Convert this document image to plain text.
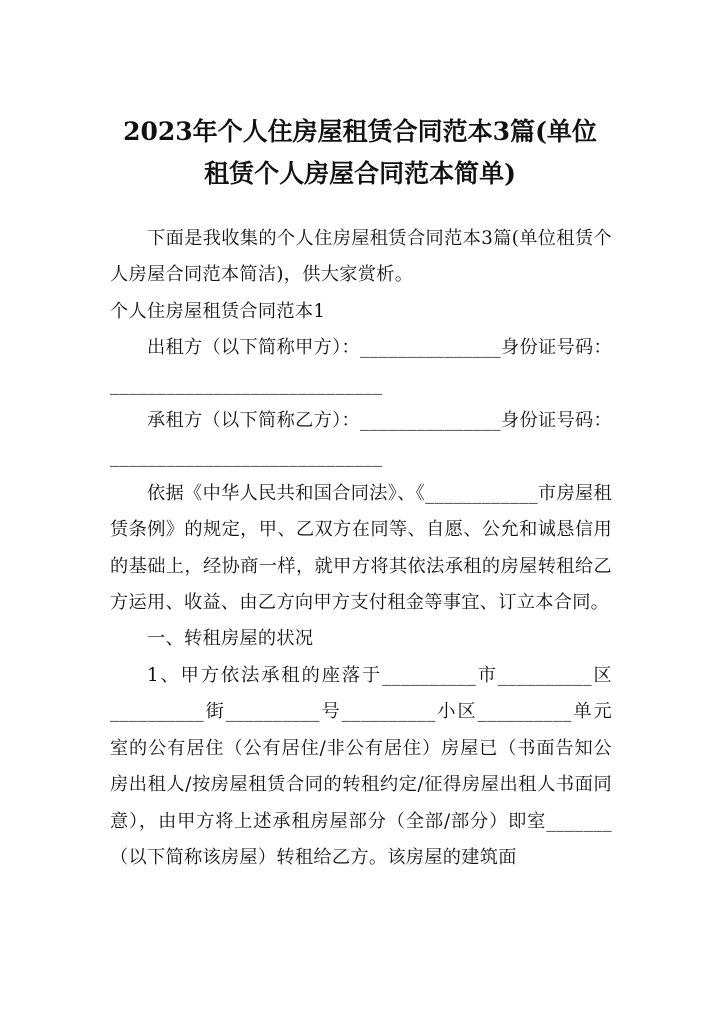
2023年个人住房屋租赁合同范本3篇(单位
租赁个人房屋合同范本简单)

下面是我收集的个人住房屋租赁合同范本3篇(单位租赁个人房屋合同范本简洁)，供大家赏析。

个人住房屋租赁合同范本1

出租方（以下简称甲方）：_______________身份证号码：_____________________________

承租方（以下简称乙方）：_______________身份证号码：_____________________________

依据《中华人民共和国合同法》、《____________市房屋租赁条例》的规定，甲、乙双方在同等、自愿、公允和诚恳信用的基础上，经协商一样，就甲方将其依法承租的房屋转租给乙方运用、收益、由乙方向甲方支付租金等事宜、订立本合同。

一、转租房屋的状况

1、甲方依法承租的座落于__________市__________区__________街__________号__________小区__________单元室的公有居住（公有居住/非公有居住）房屋已（书面告知公房出租人/按房屋租赁合同的转租约定/征得房屋出租人书面同意），由甲方将上述承租房屋部分（全部/部分）即室_______（以下简称该房屋）转租给乙方。该房屋的建筑面
